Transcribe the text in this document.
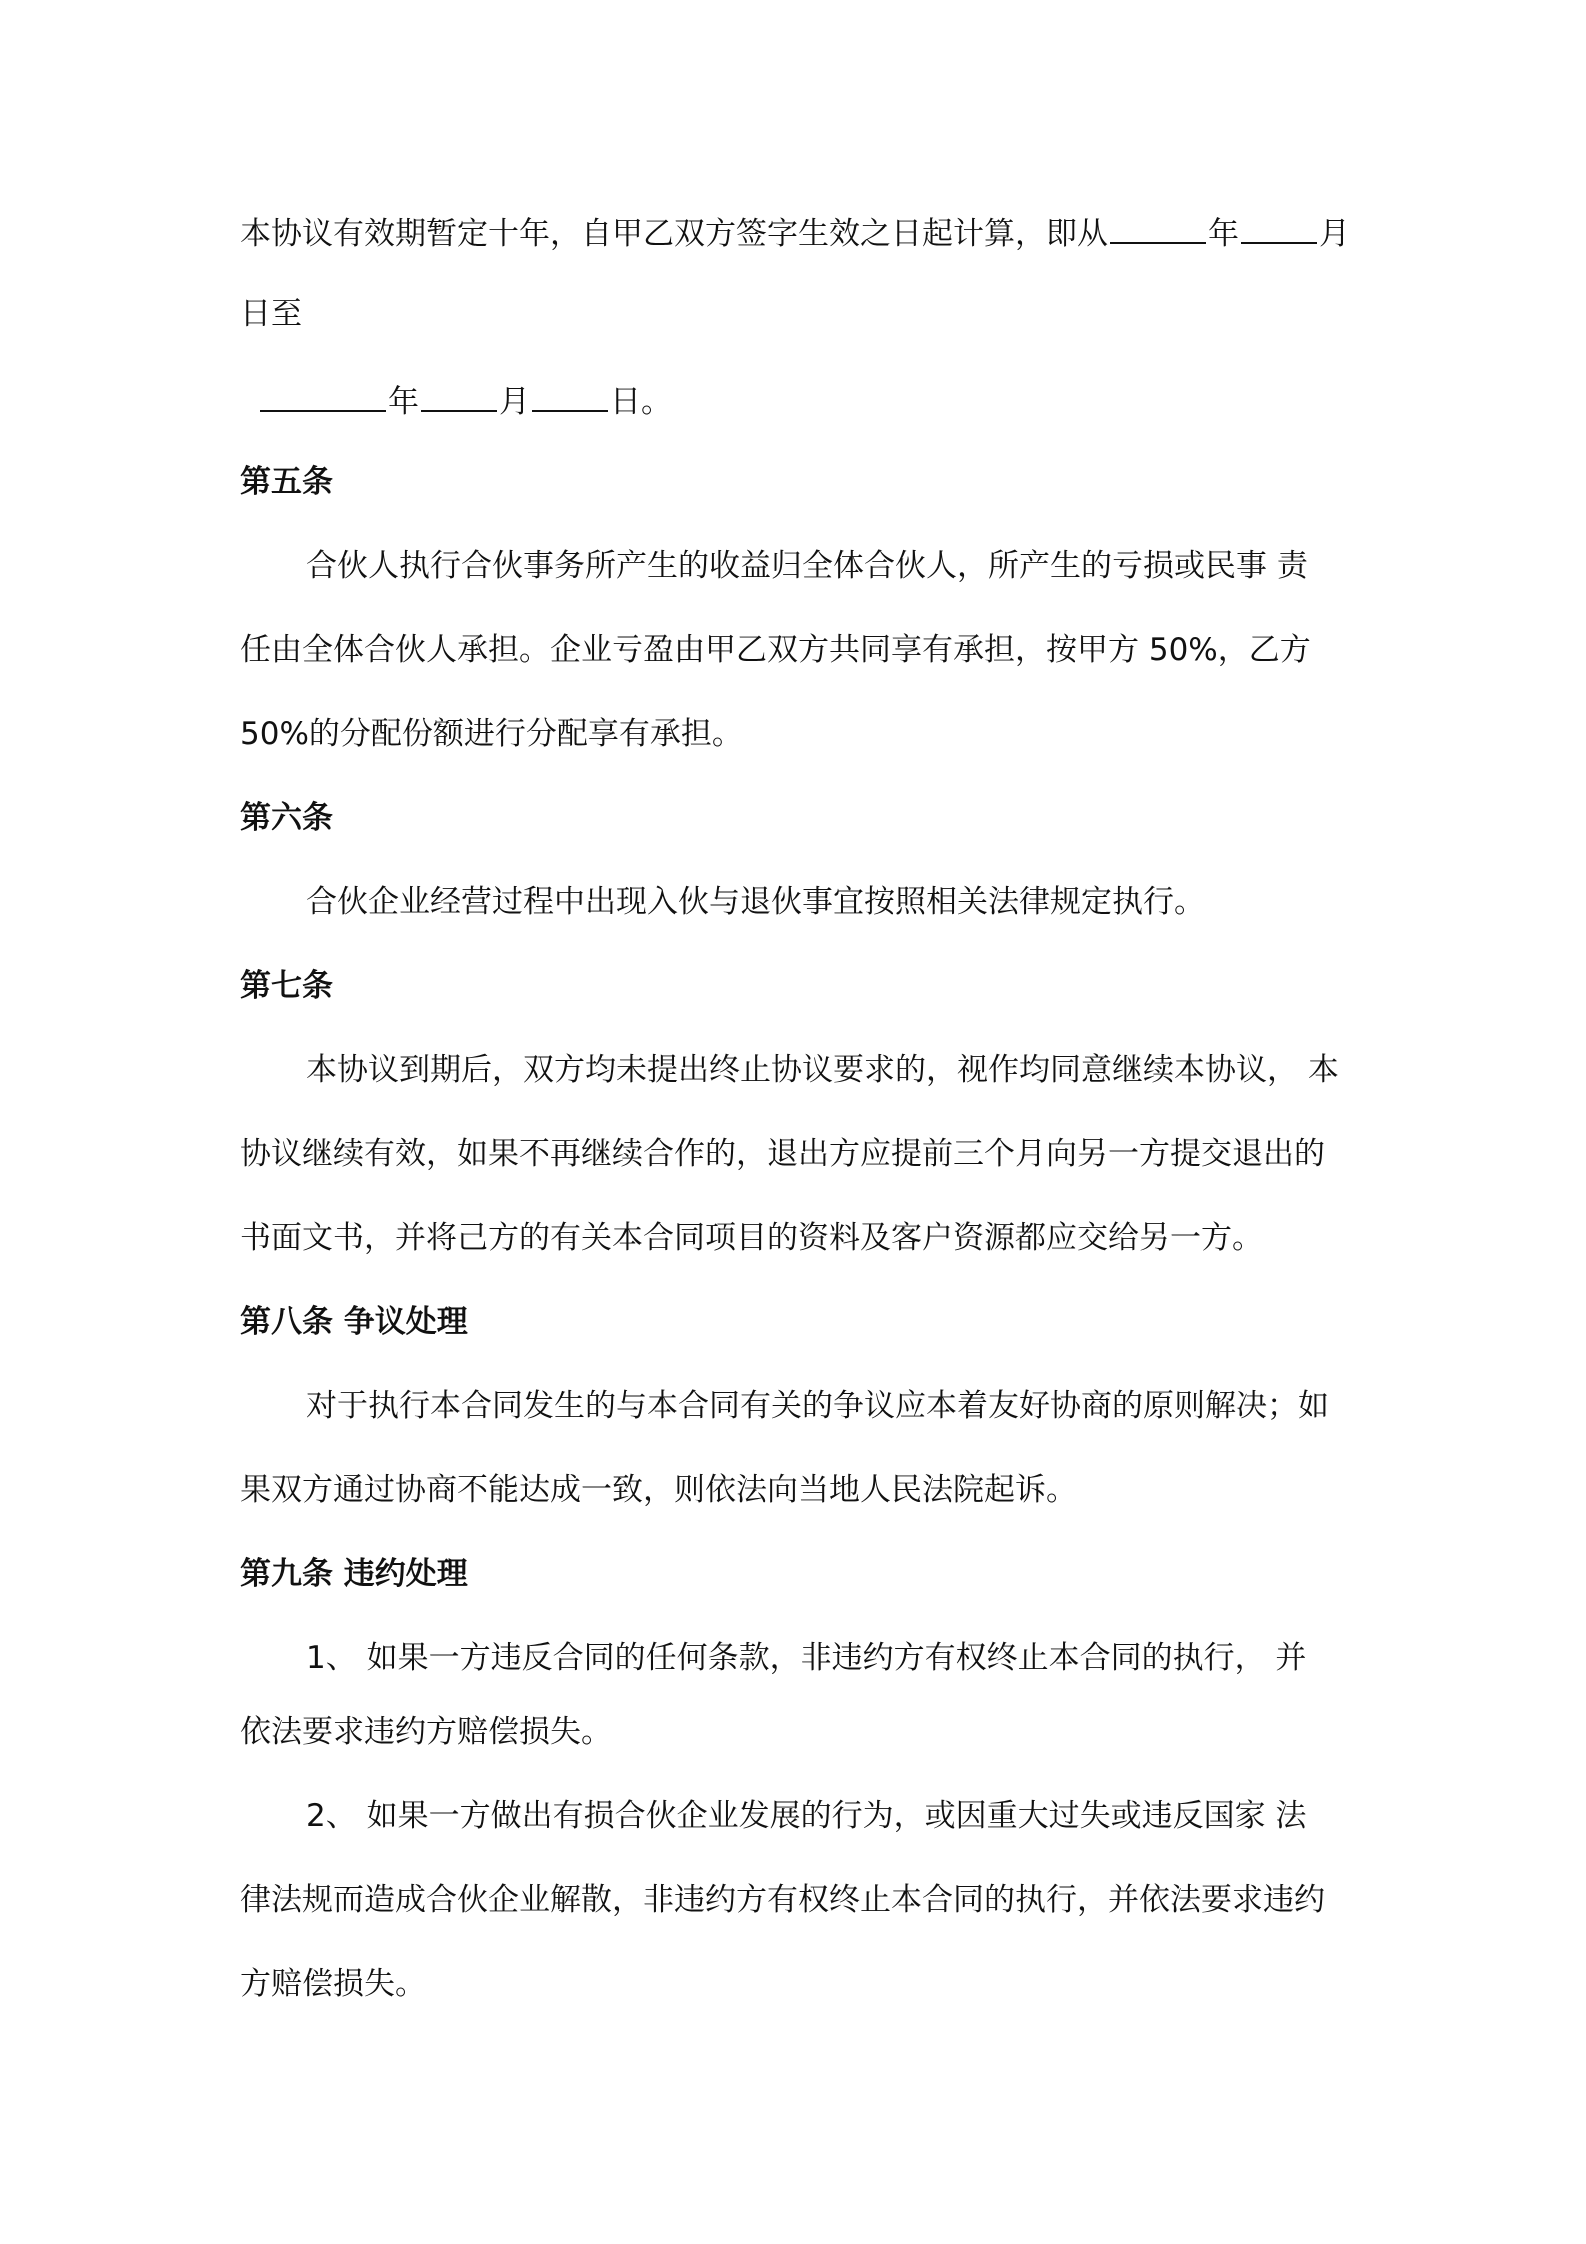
本协议有效期暂定十年，自甲乙双方签字生效之日起计算，即从	年	月
日至
年	月	日。
第五条
合伙人执行合伙事务所产生的收益归全体合伙人，所产生的亏损或民事 责
任由全体合伙人承担。企业亏盈由甲乙双方共同享有承担，按甲方 50%，乙方
50%的分配份额进行分配享有承担。
第六条
合伙企业经营过程中出现入伙与退伙事宜按照相关法律规定执行。
第七条
本协议到期后，双方均未提出终止协议要求的，视作均同意继续本协议， 本
协议继续有效，如果不再继续合作的，退出方应提前三个月向另一方提交退出的
书面文书，并将己方的有关本合同项目的资料及客户资源都应交给另一方。
第八条 争议处理
对于执行本合同发生的与本合同有关的争议应本着友好协商的原则解决；如
果双方通过协商不能达成一致，则依法向当地人民法院起诉。
第九条 违约处理
1、 如果一方违反合同的任何条款，非违约方有权终止本合同的执行， 并
依法要求违约方赔偿损失。
2、 如果一方做出有损合伙企业发展的行为，或因重大过失或违反国家 法
律法规而造成合伙企业解散，非违约方有权终止本合同的执行，并依法要求违约
方赔偿损失。
